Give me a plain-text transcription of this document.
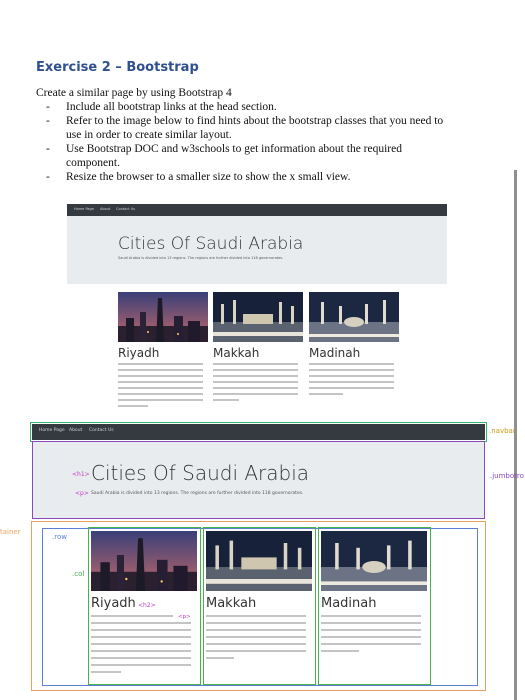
Exercise 2 – Bootstrap
Create a similar page by using Bootstrap 4
- Include all bootstrap links at the head section.
- Refer to the image below to find hints about the bootstrap classes that you need to use in order to create similar layout.
- Use Bootstrap DOC and w3schools to get information about the required component.
- Resize the browser to a smaller size to show the x small view.
Home Page About Contact Us
Cities Of Saudi Arabia
Saudi Arabia is divided into 13 regions. The regions are further divided into 118 governorates.
Riyadh	Makkah	Madinah
Home Page About Contact Us	.navbar
.jumbotro
<h1> Cities Of Saudi Arabia
<p> Saudi Arabia is divided into 13 regions. The regions are further divided into 118 governorates.
tainer
.row
.col
Riyadh <h2>	Makkah	Madinah
<p>
